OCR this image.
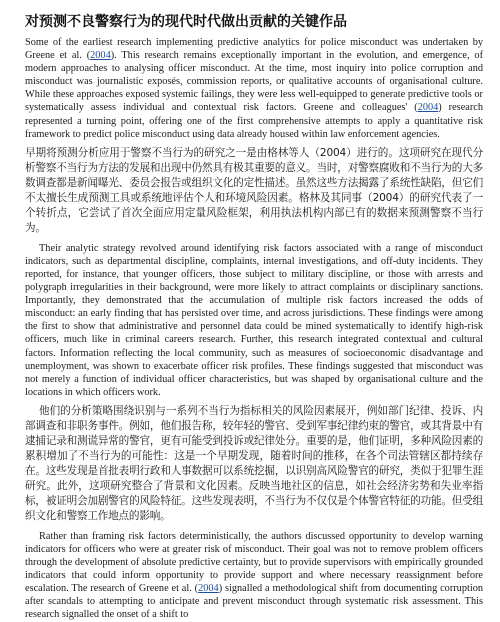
对预测不良警察行为的现代时代做出贡献的关键作品

Some of the earliest research implementing predictive analytics for police misconduct was undertaken by Greene et al. (2004). This research remains exceptionally important in the evolution, and emergence, of modern approaches to analysing officer misconduct. At the time, most inquiry into police corruption and misconduct was journalistic exposés, commission reports, or qualitative accounts of organisational culture. While these approaches exposed systemic failings, they were less well-equipped to generate predictive tools or systematically assess individual and contextual risk factors. Greene and colleagues' (2004) research represented a turning point, offering one of the first comprehensive attempts to apply a quantitative risk framework to predict police misconduct using data already housed within law enforcement agencies.

早期将预测分析应用于警察不当行为的研究之一是由格林等人（2004）进行的。这项研究在现代分析警察不当行为方法的发展和出现中仍然具有极其重要的意义。当时，对警察腐败和不当行为的大多数调查都是新闻曝光、委员会报告或组织文化的定性描述。虽然这些方法揭露了系统性缺陷，但它们不太擅长生成预测工具或系统地评估个人和环境风险因素。格林及其同事（2004）的研究代表了一个转折点，它尝试了首次全面应用定量风险框架，利用执法机构内部已有的数据来预测警察不当行为。

Their analytic strategy revolved around identifying risk factors associated with a range of misconduct indicators, such as departmental discipline, complaints, internal investigations, and off-duty incidents. They reported, for instance, that younger officers, those subject to military discipline, or those with arrests and polygraph irregularities in their background, were more likely to attract complaints or disciplinary sanctions. Importantly, they demonstrated that the accumulation of multiple risk factors increased the odds of misconduct: an early finding that has persisted over time, and across jurisdictions. These findings were among the first to show that administrative and personnel data could be mined systematically to identify high-risk officers, much like in criminal careers research. Further, this research integrated contextual and cultural factors. Information reflecting the local community, such as measures of socioeconomic disadvantage and unemployment, was shown to exacerbate officer risk profiles. These findings suggested that misconduct was not merely a function of individual officer characteristics, but was shaped by organisational culture and the locations in which officers work.

他们的分析策略围绕识别与一系列不当行为指标相关的风险因素展开，例如部门纪律、投诉、内部调查和非职务事件。例如，他们报告称，较年轻的警官、受到军事纪律约束的警官，或其背景中有逮捕记录和测谎异常的警官，更有可能受到投诉或纪律处分。重要的是，他们证明，多种风险因素的累积增加了不当行为的可能性：这是一个早期发现，随着时间的推移，在各个司法管辖区都持续存在。这些发现是首批表明行政和人事数据可以系统挖掘，以识别高风险警官的研究，类似于犯罪生涯研究。此外，这项研究整合了背景和文化因素。反映当地社区的信息，如社会经济劣势和失业率指标，被证明会加剧警官的风险特征。这些发现表明，不当行为不仅仅是个体警官特征的功能。但受组织文化和警察工作地点的影响。

Rather than framing risk factors deterministically, the authors discussed opportunity to develop warning indicators for officers who were at greater risk of misconduct. Their goal was not to remove problem officers through the development of absolute predictive certainty, but to provide supervisors with empirically grounded indicators that could inform opportunity to provide support and where necessary reassignment before escalation. The research of Greene et al. (2004) signalled a methodological shift from documenting corruption after scandals to attempting to anticipate and prevent misconduct through systematic risk assessment. This research signalled the onset of a shift to
